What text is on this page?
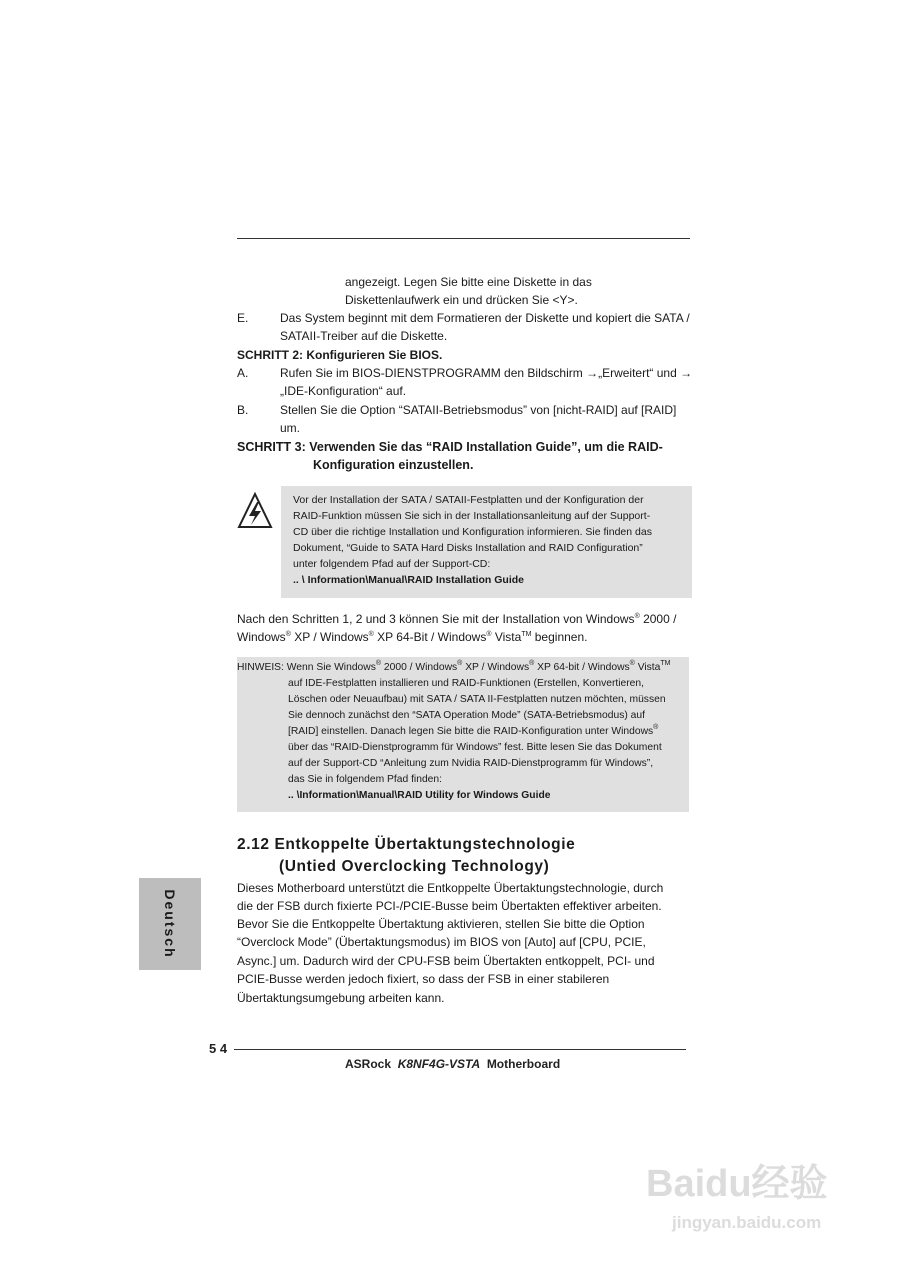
angezeigt. Legen Sie bitte eine Diskette in das
Diskettenlaufwerk ein und drücken Sie <Y>.
E.	Das System beginnt mit dem Formatieren der Diskette und kopiert die SATA /
SATAII-Treiber auf die Diskette.
SCHRITT 2: Konfigurieren Sie BIOS.
A.	Rufen Sie im BIOS-DIENSTPROGRAMM den Bildschirm →„Erweitert“ und →
„IDE-Konfiguration“ auf.
B.	Stellen Sie die Option “SATAII-Betriebsmodus” von [nicht-RAID] auf [RAID]
um.
SCHRITT 3: Verwenden Sie das “RAID Installation Guide”, um die RAID-
Konfiguration einzustellen.
Vor der Installation der SATA / SATAII-Festplatten und der Konfiguration der
RAID-Funktion müssen Sie sich in der Installationsanleitung auf der Support-
CD über die richtige Installation und Konfiguration informieren. Sie finden das
Dokument, “Guide to SATA Hard Disks Installation and RAID Configuration”
unter folgendem Pfad auf der Support-CD:
.. \ Information\Manual\RAID Installation Guide
Nach den Schritten 1, 2 und 3 können Sie mit der Installation von Windows® 2000 /
Windows® XP / Windows® XP 64-Bit / Windows® Vista™ beginnen.
HINWEIS: Wenn Sie Windows® 2000 / Windows® XP / Windows® XP 64-bit / Windows® Vista™
auf IDE-Festplatten installieren und RAID-Funktionen (Erstellen, Konvertieren,
Löschen oder Neuaufbau) mit SATA / SATA II-Festplatten nutzen möchten, müssen
Sie dennoch zunächst den “SATA Operation Mode” (SATA-Betriebsmodus) auf
[RAID] einstellen. Danach legen Sie bitte die RAID-Konfiguration unter Windows®
über das “RAID-Dienstprogramm für Windows” fest. Bitte lesen Sie das Dokument
auf der Support-CD “Anleitung zum Nvidia RAID-Dienstprogramm für Windows”,
das Sie in folgendem Pfad finden:
.. \Information\Manual\RAID Utility for Windows Guide
2.12 Entkoppelte Übertaktungstechnologie
(Untied Overclocking Technology)
Dieses Motherboard unterstützt die Entkoppelte Übertaktungstechnologie, durch
die der FSB durch fixierte PCI-/PCIE-Busse beim Übertakten effektiver arbeiten.
Bevor Sie die Entkoppelte Übertaktung aktivieren, stellen Sie bitte die Option
“Overclock Mode” (Übertaktungsmodus) im BIOS von [Auto] auf [CPU, PCIE,
Async.] um. Dadurch wird der CPU-FSB beim Übertakten entkoppelt, PCI- und
PCIE-Busse werden jedoch fixiert, so dass der FSB in einer stabileren
Übertaktungsumgebung arbeiten kann.
Deutsch
5 4
ASRock K8NF4G-VSTA Motherboard
Baidu经验
jingyan.baidu.com
